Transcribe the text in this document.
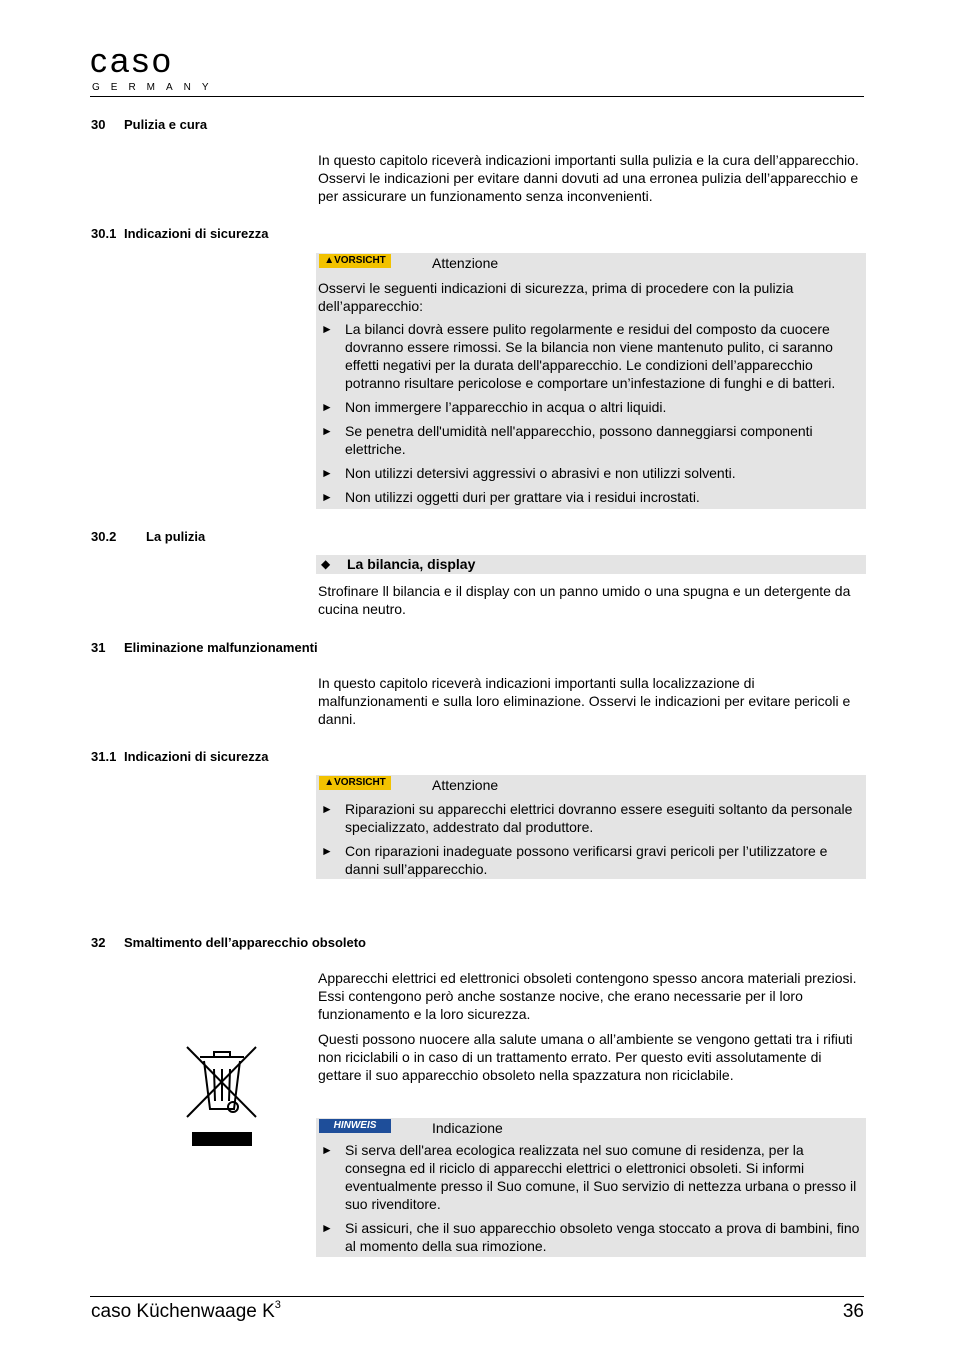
caso
GERMANY
30 Pulizia e cura

In questo capitolo riceverà indicazioni importanti sulla pulizia e la cura dell’apparecchio. Osservi le indicazioni per evitare danni dovuti ad una erronea pulizia dell’apparecchio e per assicurare un funzionamento senza inconvenienti.

30.1 Indicazioni di sicurezza
▲VORSICHT	Attenzione

Osservi le seguenti indicazioni di sicurezza, prima di procedere con la pulizia dell’apparecchio:

► La bilanci dovrà essere pulito regolarmente e residui del composto da cuocere dovranno essere rimossi. Se la bilancia non viene mantenuto pulito, ci saranno effetti negativi per la durata dell'apparecchio. Le condizioni dell’apparecchio potranno risultare pericolose e comportare un’infestazione di funghi e di batteri.
► Non immergere l’apparecchio in acqua o altri liquidi.
► Se penetra dell'umidità nell'apparecchio, possono danneggiarsi componenti elettriche.
► Non utilizzi detersivi aggressivi o abrasivi e non utilizzi solventi.
► Non utilizzi oggetti duri per grattare via i residui incrostati.
30.2 La pulizia
◆ La bilancia, display

Strofinare ll bilancia e il display con un panno umido o una spugna e un detergente da cucina neutro.

31 Eliminazione malfunzionamenti

In questo capitolo riceverà indicazioni importanti sulla localizzazione di malfunzionamenti e sulla loro eliminazione. Osservi le indicazioni per evitare pericoli e danni.

31.1 Indicazioni di sicurezza
▲VORSICHT	Attenzione
► Riparazioni su apparecchi elettrici dovranno essere eseguiti soltanto da personale specializzato, addestrato dal produttore.
► Con riparazioni inadeguate possono verificarsi gravi pericoli per l’utilizzatore e danni sull’apparecchio.
32 Smaltimento dell’apparecchio obsoleto

Apparecchi elettrici ed elettronici obsoleti contengono spesso ancora materiali preziosi. Essi contengono però anche sostanze nocive, che erano necessarie per il loro funzionamento e la loro sicurezza.

Questi possono nuocere alla salute umana o all’ambiente se vengono gettati tra i rifiuti non riciclabili o in caso di un trattamento errato. Per questo eviti assolutamente di gettare il suo apparecchio obsoleto nella spazzatura non riciclabile.

HINWEIS	Indicazione
► Si serva dell'area ecologica realizzata nel suo comune di residenza, per la consegna ed il riciclo di apparecchi elettrici o elettronici obsoleti. Si informi eventualmente presso il Suo comune, il Suo servizio di nettezza urbana o presso il suo rivenditore.
► Si assicuri, che il suo apparecchio obsoleto venga stoccato a prova di bambini, fino al momento della sua rimozione.
caso Küchenwaage $K^3$	36
